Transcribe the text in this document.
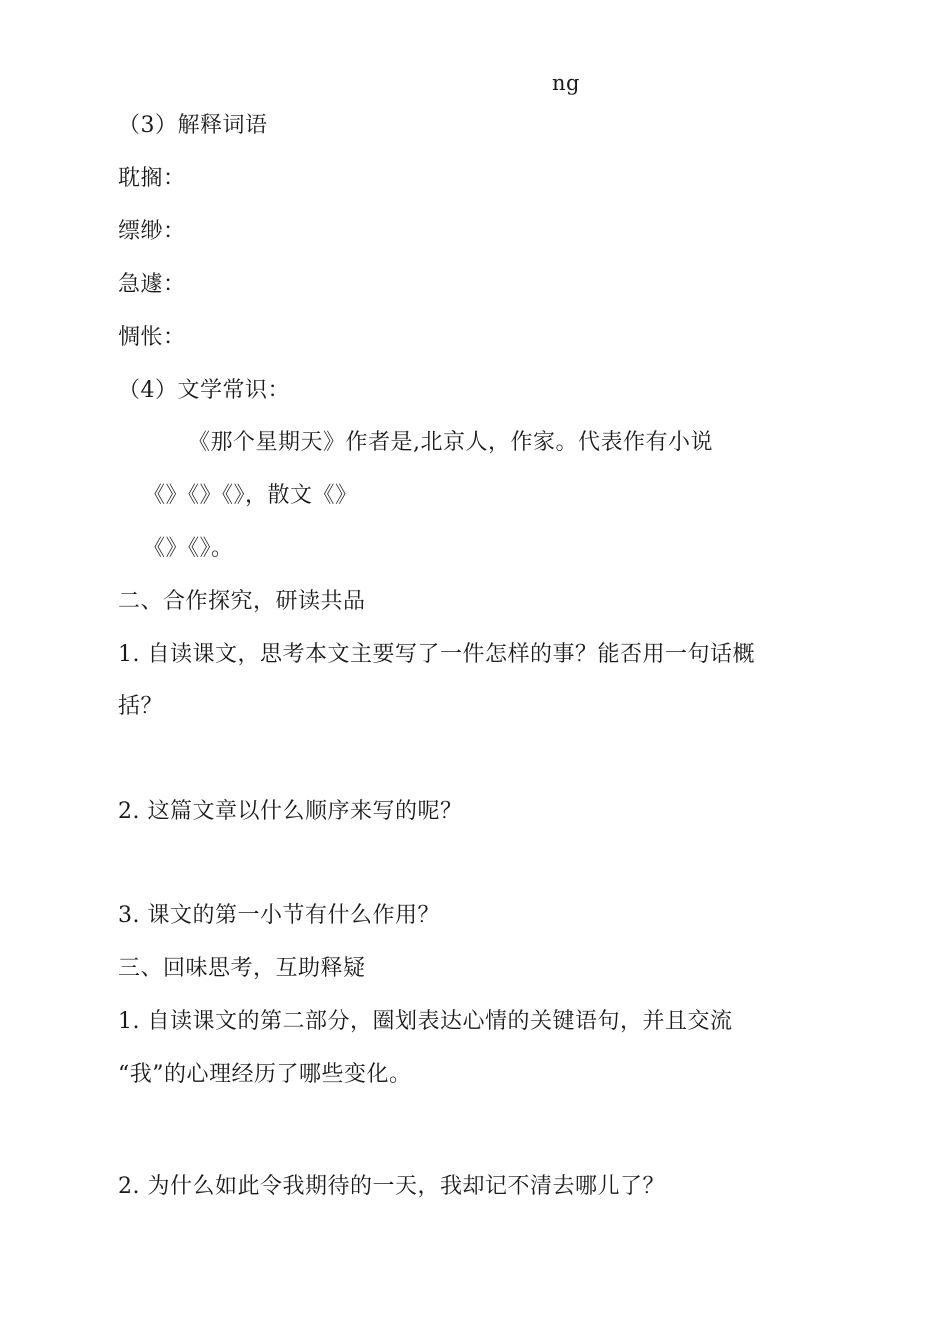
ng
（3）解释词语
耽搁：
缥缈：
急遽：
惆怅：
（4）文学常识：
《那个星期天》作者是,北京人，作家。代表作有小说
《》《》《》，散文《》
《》《》。
二、合作探究，研读共品
1. 自读课文，思考本文主要写了一件怎样的事？能否用一句话概
括？
2. 这篇文章以什么顺序来写的呢？
3. 课文的第一小节有什么作用？
三、回味思考，互助释疑
1. 自读课文的第二部分，圈划表达心情的关键语句，并且交流
“我”的心理经历了哪些变化。
2. 为什么如此令我期待的一天，我却记不清去哪儿了？
